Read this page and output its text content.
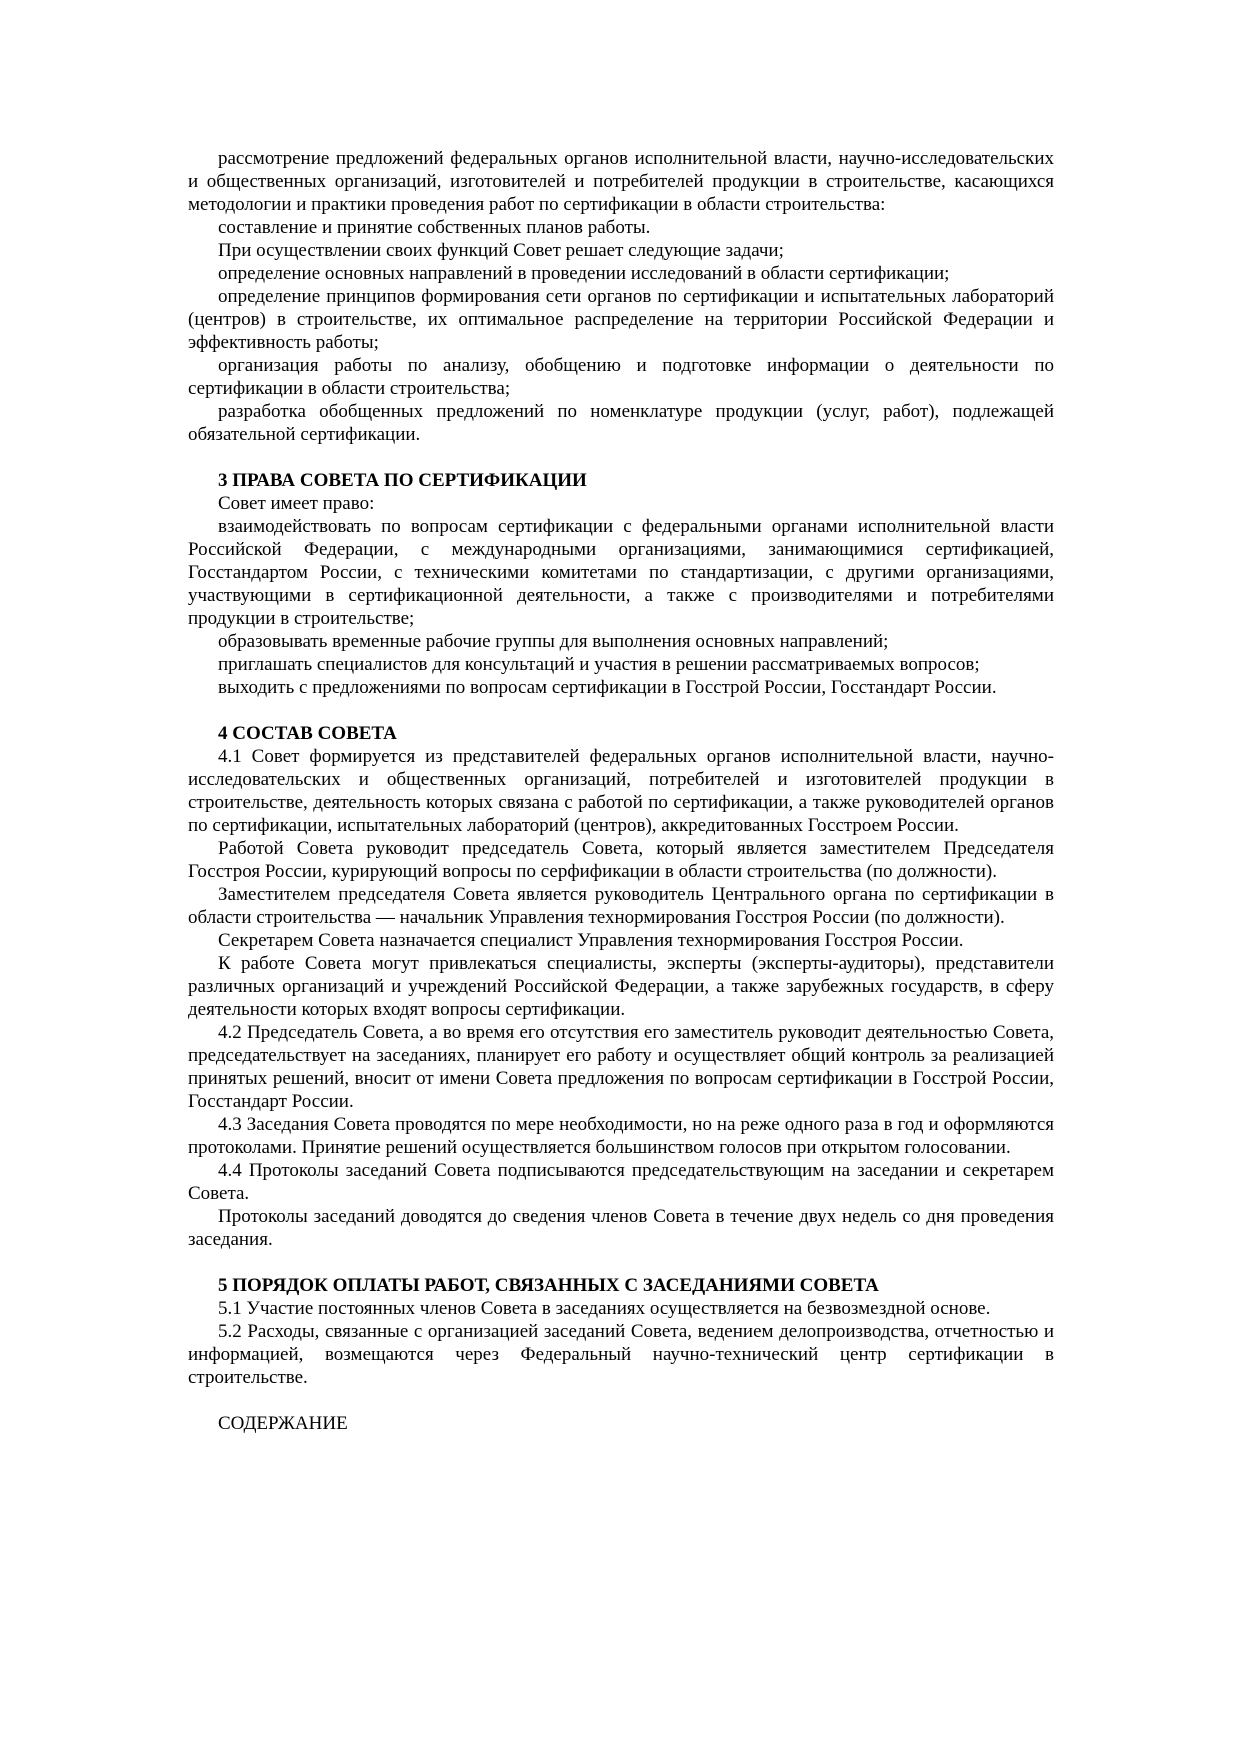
рассмотрение предложений федеральных органов исполнительной власти, научно-исследовательских и общественных организаций, изготовителей и потребителей продукции в строительстве, касающихся методологии и практики проведения работ по сертификации в области строительства:

составление и принятие собственных планов работы.

При осуществлении своих функций Совет решает следующие задачи;

определение основных направлений в проведении исследований в области сертификации;

определение принципов формирования сети органов по сертификации и испытательных лабораторий (центров) в строительстве, их оптимальное распределение на территории Российской Федерации и эффективность работы;

организация работы по анализу, обобщению и подготовке информации о деятельности по сертификации в области строительства;

разработка обобщенных предложений по номенклатуре продукции (услуг, работ), подлежащей обязательной сертификации.

3 ПРАВА СОВЕТА ПО СЕРТИФИКАЦИИ

Совет имеет право:

взаимодействовать по вопросам сертификации с федеральными органами исполнительной власти Российской Федерации, с международными организациями, занимающимися сертификацией, Госстандартом России, с техническими комитетами по стандартизации, с другими организациями, участвующими в сертификационной деятельности, а также с производителями и потребителями продукции в строительстве;

образовывать временные рабочие группы для выполнения основных направлений;

приглашать специалистов для консультаций и участия в решении рассматриваемых вопросов;

выходить с предложениями по вопросам сертификации в Госстрой России, Госстандарт России.

4 СОСТАВ СОВЕТА

4.1 Совет формируется из представителей федеральных органов исполнительной власти, научно-исследовательских и общественных организаций, потребителей и изготовителей продукции в строительстве, деятельность которых связана с работой по сертификации, а также руководителей органов по сертификации, испытательных лабораторий (центров), аккредитованных Госстроем России.

Работой Совета руководит председатель Совета, который является заместителем Председателя Госстроя России, курирующий вопросы по серфификации в области строительства (по должности).

Заместителем председателя Совета является руководитель Центрального органа по сертификации в области строительства — начальник Управления технормирования Госстроя России (по должности).

Секретарем Совета назначается специалист Управления технормирования Госстроя России.

К работе Совета могут привлекаться специалисты, эксперты (эксперты-аудиторы), представители различных организаций и учреждений Российской Федерации, а также зарубежных государств, в сферу деятельности которых входят вопросы сертификации.

4.2 Председатель Совета, а во время его отсутствия его заместитель руководит деятельностью Совета, председательствует на заседаниях, планирует его работу и осуществляет общий контроль за реализацией принятых решений, вносит от имени Совета предложения по вопросам сертификации в Госстрой России, Госстандарт России.

4.3 Заседания Совета проводятся по мере необходимости, но на реже одного раза в год и оформляются протоколами. Принятие решений осуществляется большинством голосов при открытом голосовании.

4.4 Протоколы заседаний Совета подписываются председательствующим на заседании и секретарем Совета.

Протоколы заседаний доводятся до сведения членов Совета в течение двух недель со дня проведения заседания.

5 ПОРЯДОК ОПЛАТЫ РАБОТ, СВЯЗАННЫХ С ЗАСЕДАНИЯМИ СОВЕТА

5.1 Участие постоянных членов Совета в заседаниях осуществляется на безвозмездной основе.

5.2 Расходы, связанные с организацией заседаний Совета, ведением делопроизводства, отчетностью и информацией, возмещаются через Федеральный научно-технический центр сертификации в строительстве.

СОДЕРЖАНИЕ
